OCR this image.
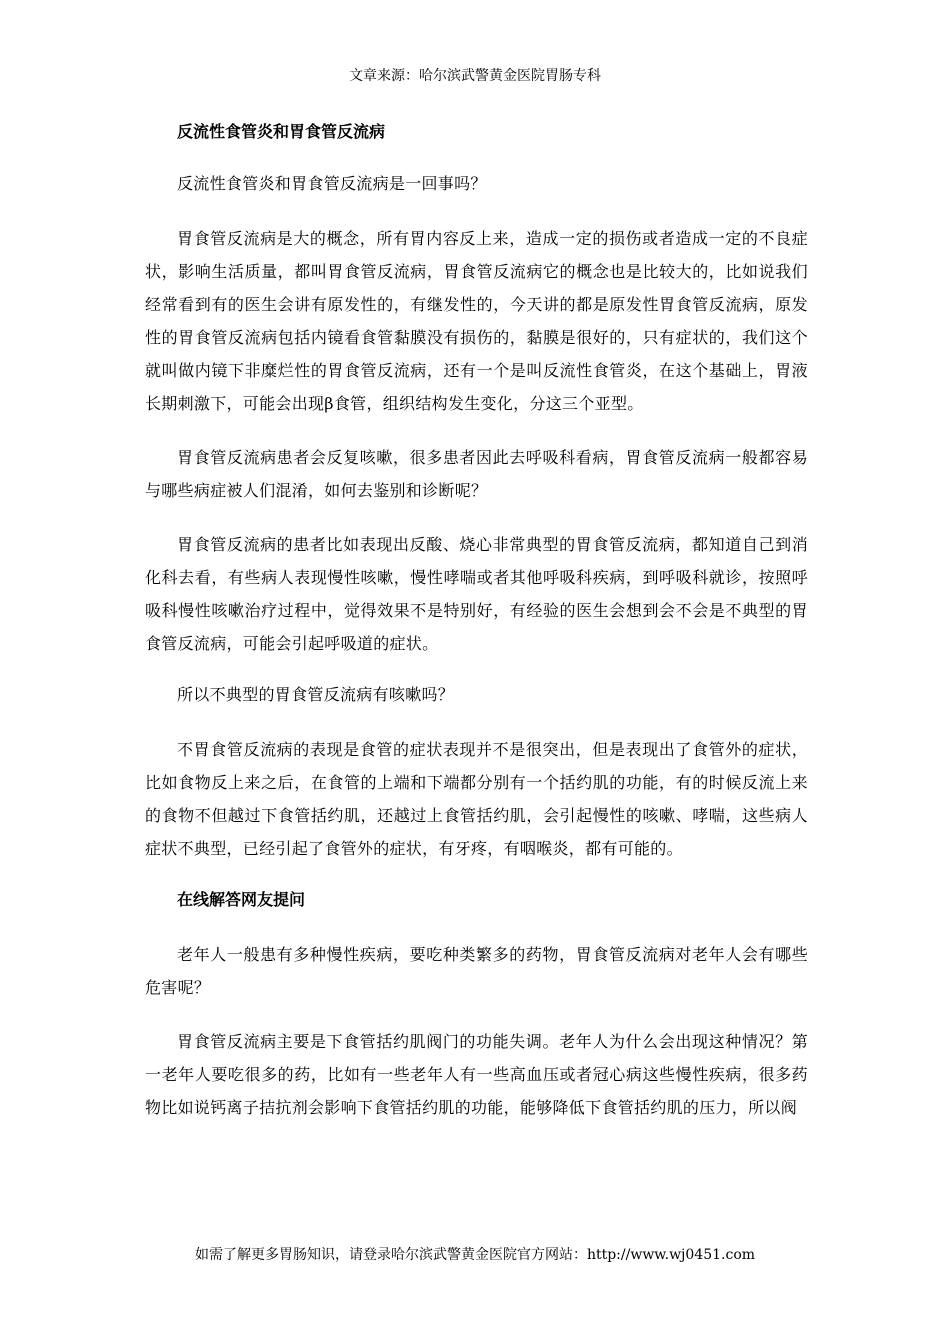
文章来源：哈尔滨武警黄金医院胃肠专科
反流性食管炎和胃食管反流病

反流性食管炎和胃食管反流病是一回事吗？

胃食管反流病是大的概念，所有胃内容反上来，造成一定的损伤或者造成一定的不良症状，影响生活质量，都叫胃食管反流病，胃食管反流病它的概念也是比较大的，比如说我们经常看到有的医生会讲有原发性的，有继发性的，今天讲的都是原发性胃食管反流病，原发性的胃食管反流病包括内镜看食管黏膜没有损伤的，黏膜是很好的，只有症状的，我们这个就叫做内镜下非糜烂性的胃食管反流病，还有一个是叫反流性食管炎，在这个基础上，胃液长期刺激下，可能会出现β食管，组织结构发生变化，分这三个亚型。

胃食管反流病患者会反复咳嗽，很多患者因此去呼吸科看病，胃食管反流病一般都容易与哪些病症被人们混淆，如何去鉴别和诊断呢？

胃食管反流病的患者比如表现出反酸、烧心非常典型的胃食管反流病，都知道自己到消化科去看，有些病人表现慢性咳嗽，慢性哮喘或者其他呼吸科疾病，到呼吸科就诊，按照呼吸科慢性咳嗽治疗过程中，觉得效果不是特别好，有经验的医生会想到会不会是不典型的胃食管反流病，可能会引起呼吸道的症状。

所以不典型的胃食管反流病有咳嗽吗？

不胃食管反流病的表现是食管的症状表现并不是很突出，但是表现出了食管外的症状，比如食物反上来之后，在食管的上端和下端都分别有一个括约肌的功能，有的时候反流上来的食物不但越过下食管括约肌，还越过上食管括约肌，会引起慢性的咳嗽、哮喘，这些病人症状不典型，已经引起了食管外的症状，有牙疼，有咽喉炎，都有可能的。

在线解答网友提问

老年人一般患有多种慢性疾病，要吃种类繁多的药物，胃食管反流病对老年人会有哪些危害呢？

胃食管反流病主要是下食管括约肌阀门的功能失调。老年人为什么会出现这种情况？第一老年人要吃很多的药，比如有一些老年人有一些高血压或者冠心病这些慢性疾病，很多药物比如说钙离子拮抗剂会影响下食管括约肌的功能，能够降低下食管括约肌的压力，所以阀

如需了解更多胃肠知识，请登录哈尔滨武警黄金医院官方网站：http://www.wj0451.com
